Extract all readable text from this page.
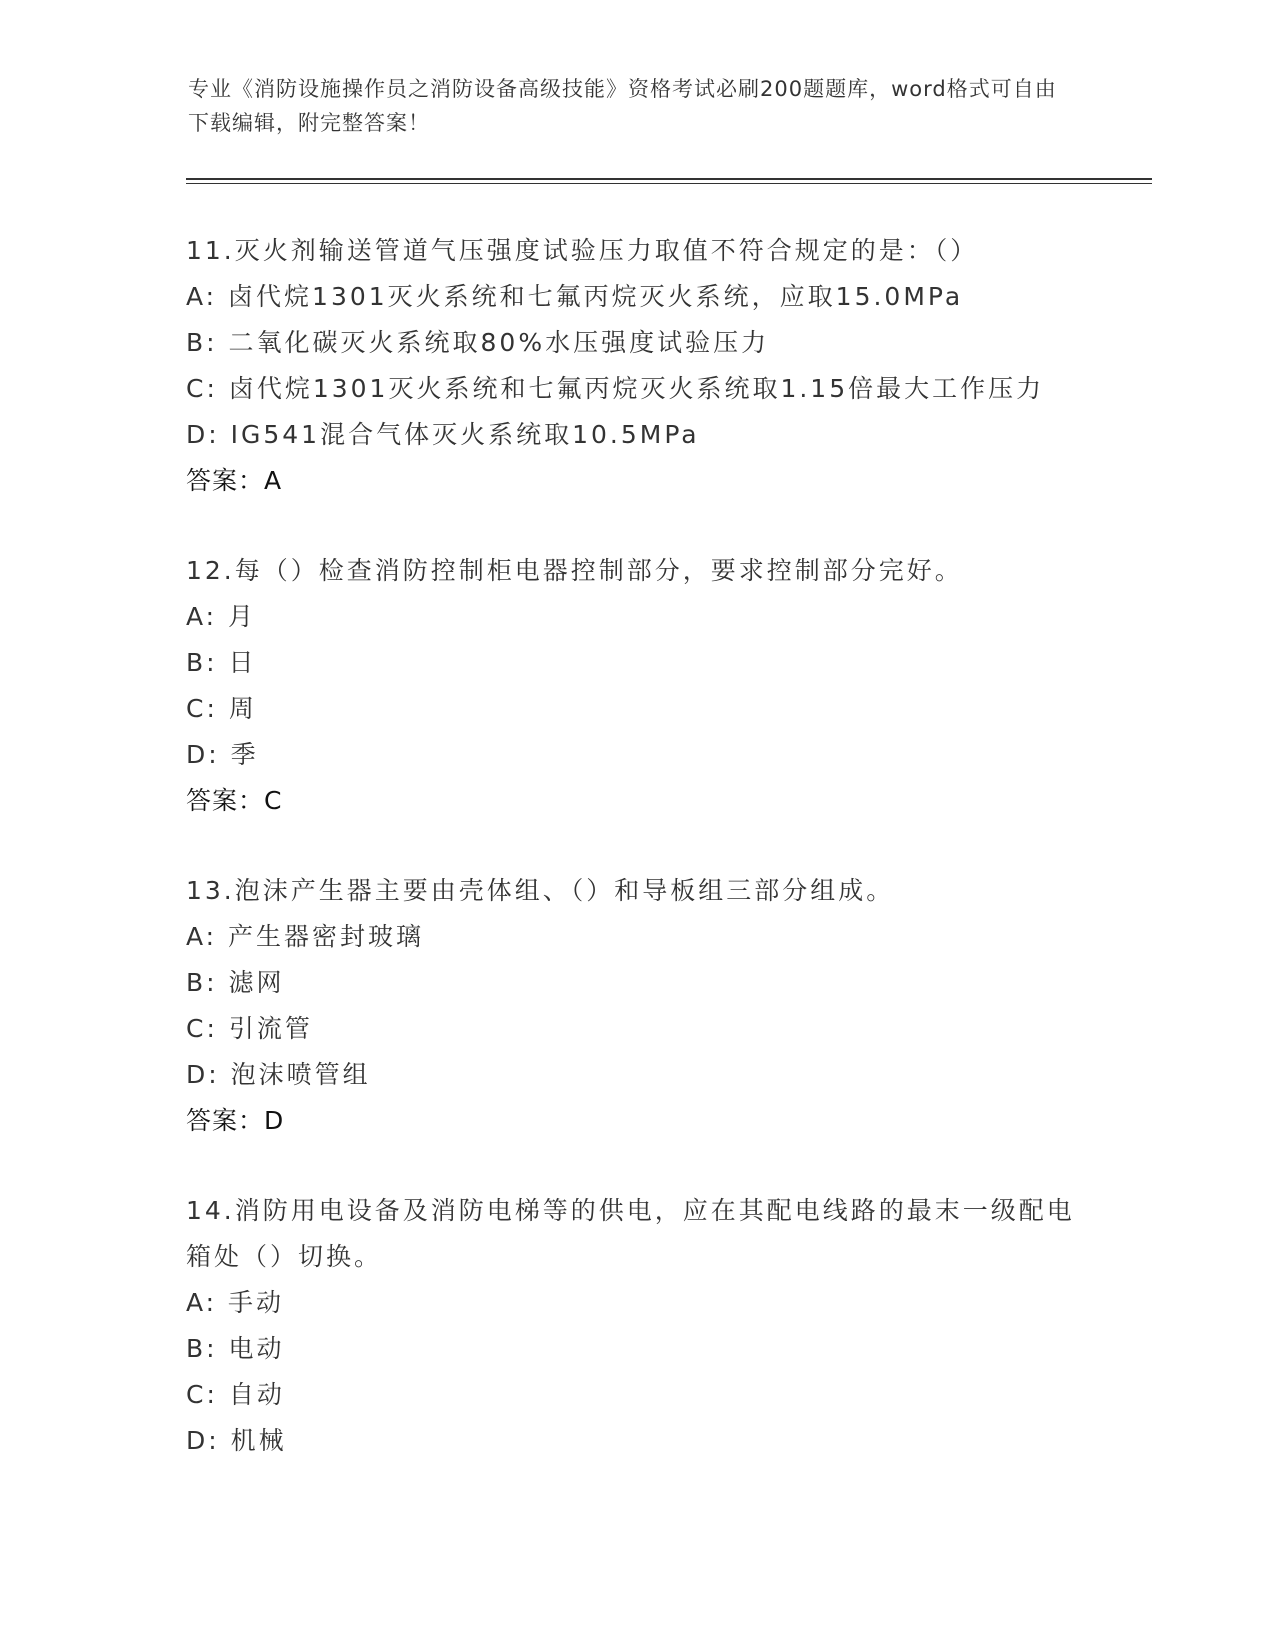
专业《消防设施操作员之消防设备高级技能》资格考试必刷200题题库，word格式可自由下载编辑，附完整答案！
11.灭火剂输送管道气压强度试验压力取值不符合规定的是：（）
A: 卤代烷1301灭火系统和七氟丙烷灭火系统，应取15.0MPa
B: 二氧化碳灭火系统取80%水压强度试验压力
C: 卤代烷1301灭火系统和七氟丙烷灭火系统取1.15倍最大工作压力
D: IG541混合气体灭火系统取10.5MPa
答案：A
12.每（）检查消防控制柜电器控制部分，要求控制部分完好。
A: 月
B: 日
C: 周
D: 季
答案：C
13.泡沫产生器主要由壳体组、（）和导板组三部分组成。
A: 产生器密封玻璃
B: 滤网
C: 引流管
D: 泡沫喷管组
答案：D
14.消防用电设备及消防电梯等的供电，应在其配电线路的最末一级配电箱处（）切换。
A: 手动
B: 电动
C: 自动
D: 机械
